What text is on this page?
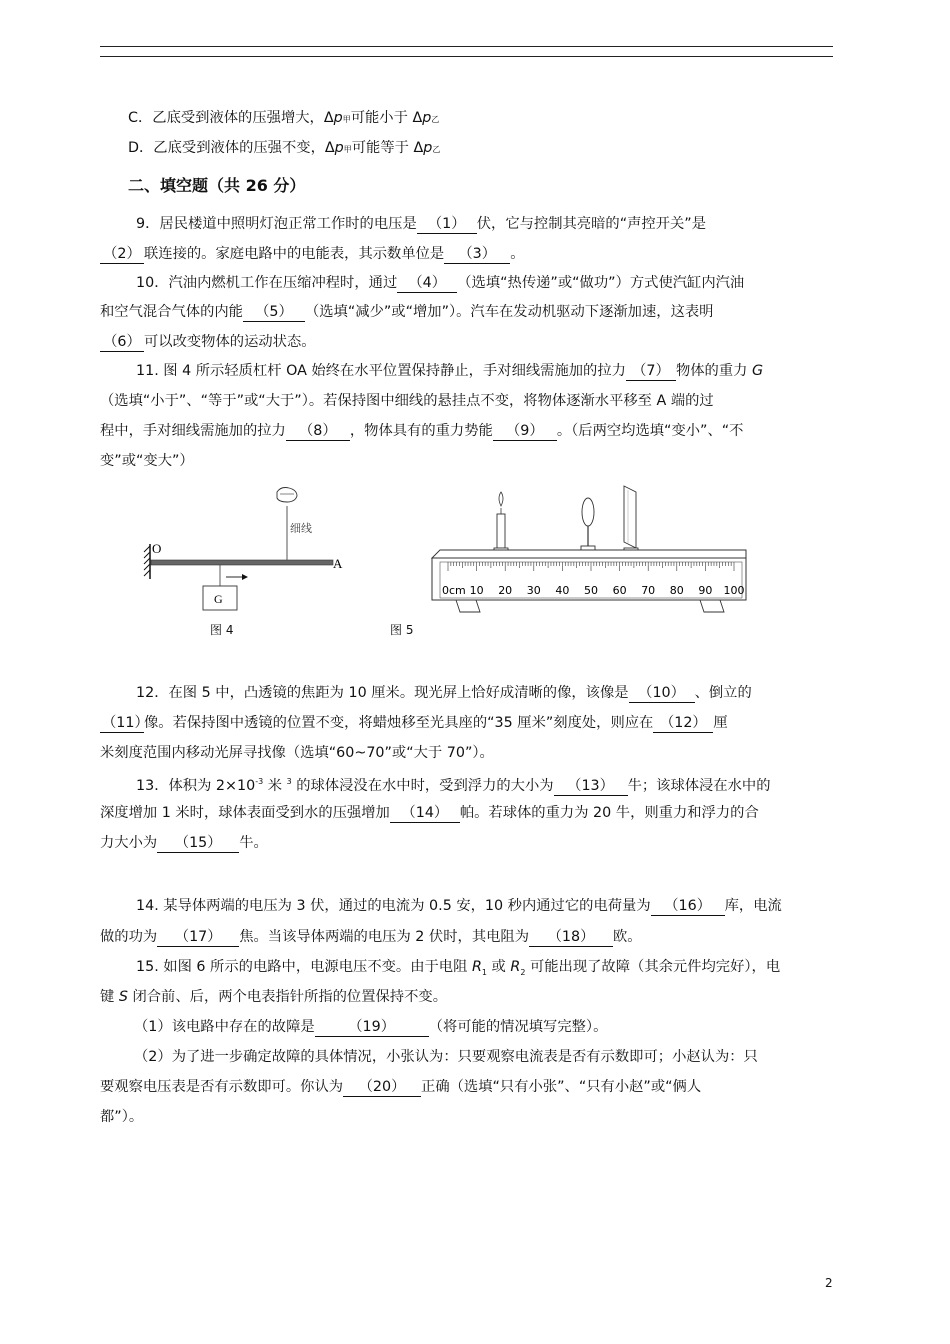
C．乙底受到液体的压强增大，Δp甲可能小于 Δp乙
D．乙底受到液体的压强不变，Δp甲可能等于 Δp乙
二、填空题（共 26 分）
9．居民楼道中照明灯泡正常工作时的电压是 （1） 伏，它与控制其亮暗的“声控开关”是
（2） 联连接的。家庭电路中的电能表，其示数单位是 （3） 。
10．汽油内燃机工作在压缩冲程时，通过 （4） （选填“热传递”或“做功”）方式使汽缸内汽油
和空气混合气体的内能 （5） （选填“减少”或“增加”）。汽车在发动机驱动下逐渐加速，这表明
（6） 可以改变物体的运动状态。
11. 图 4 所示轻质杠杆 OA 始终在水平位置保持静止，手对细线需施加的拉力 （7） 物体的重力 G
（选填“小于”、“等于”或“大于”）。若保持图中细线的悬挂点不变，将物体逐渐水平移至 A 端的过
程中，手对细线需施加的拉力 （8） ，物体具有的重力势能 （9） 。（后两空均选填“变小”、“不
变”或“变大”）
O
A
G
细线
图 4
0cm 10 20 30 40 50 60 70 80 90 100
图 5
12．在图 5 中，凸透镜的焦距为 10 厘米。现光屏上恰好成清晰的像，该像是 （10） 、倒立的
（11）像。若保持图中透镜的位置不变，将蜡烛移至光具座的“35 厘米”刻度处，则应在 （12） 厘
米刻度范围内移动光屏寻找像（选填“60~70”或“大于 70”）。
13．体积为 $2\times 10^{-3}$ 米 $^3$ 的球体浸没在水中时，受到浮力的大小为 （13） 牛；该球体浸在水中的
深度增加 1 米时，球体表面受到水的压强增加 （14） 帕。若球体的重力为 20 牛，则重力和浮力的合
力大小为 （15） 牛。
14. 某导体两端的电压为 3 伏，通过的电流为 0.5 安，10 秒内通过它的电荷量为 （16） 库，电流
做的功为 （17） 焦。当该导体两端的电压为 2 伏时，其电阻为 （18） 欧。
15. 如图 6 所示的电路中，电源电压不变。由于电阻 $R_1$ 或 $R_2$ 可能出现了故障（其余元件均完好），电
键 S 闭合前、后，两个电表指针所指的位置保持不变。
（1）该电路中存在的故障是 （19） （将可能的情况填写完整）。
（2）为了进一步确定故障的具体情况，小张认为：只要观察电流表是否有示数即可；小赵认为：只
要观察电压表是否有示数即可。你认为 （20） 正确（选填“只有小张”、“只有小赵”或“俩人
都”）。
2
